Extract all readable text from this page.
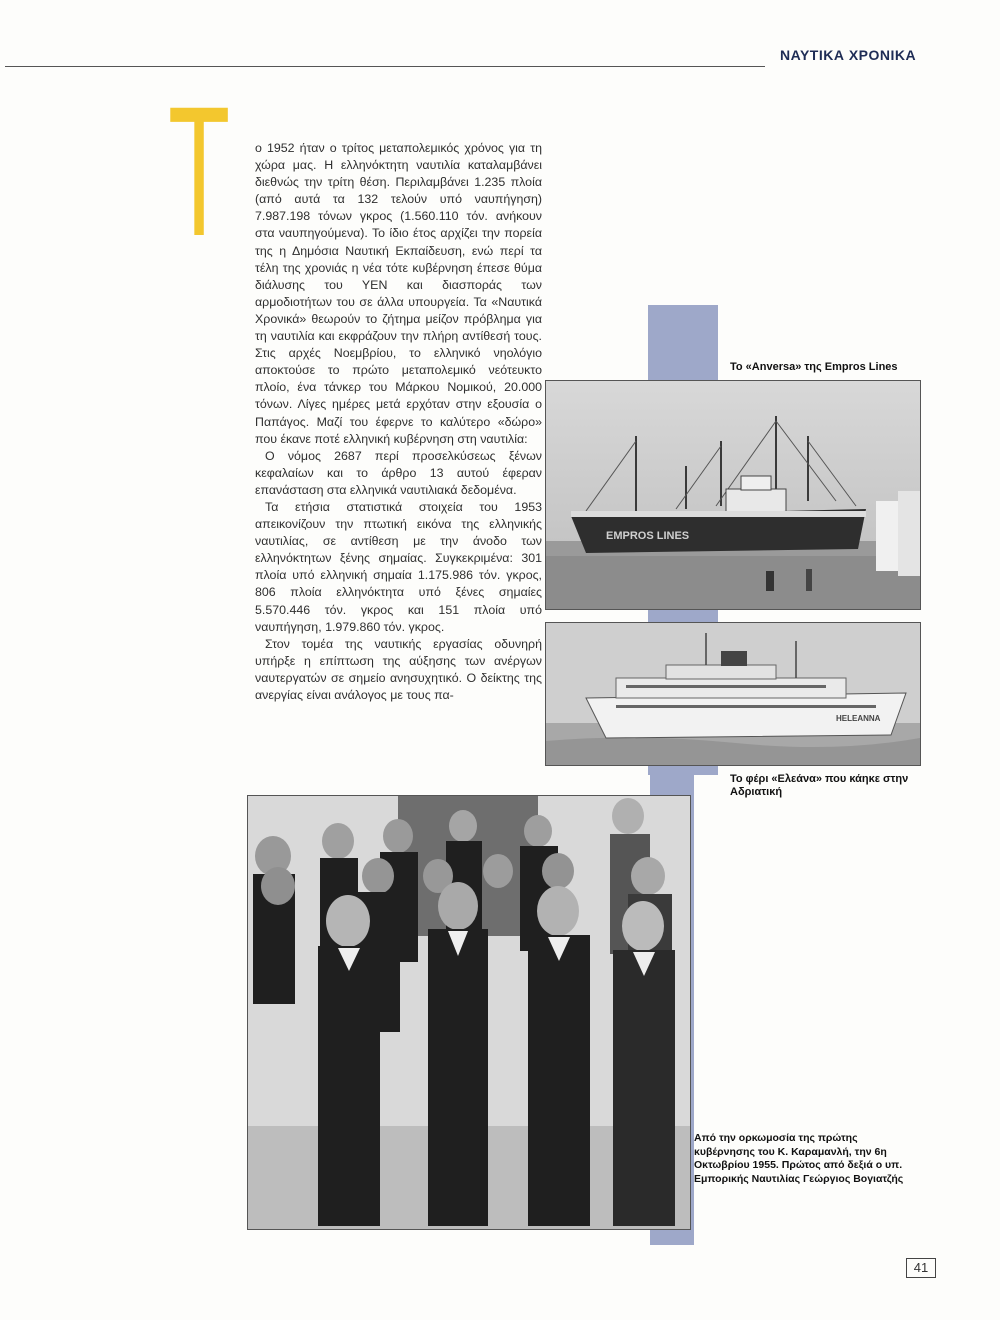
ΝΑΥΤΙΚΑ ΧΡΟΝΙΚΑ
Τ ο 1952 ήταν ο τρίτος μεταπολεμικός χρόνος για τη χώρα μας. Η ελληνόκτητη ναυτιλία καταλαμβάνει διεθνώς την τρίτη θέση. Περιλαμβάνει 1.235 πλοία (από αυτά τα 132 τελούν υπό ναυπήγηση) 7.987.198 τόνων γκρος (1.560.110 τόν. ανήκουν στα ναυπηγούμενα). Το ίδιο έτος αρχίζει την πορεία της η Δημόσια Ναυτική Εκπαίδευση, ενώ περί τα τέλη της χρονιάς η νέα τότε κυβέρνηση έπεσε θύμα διάλυσης του ΥΕΝ και διασποράς των αρμοδιοτήτων του σε άλλα υπουργεία. Τα «Ναυτικά Χρονικά» θεωρούν το ζήτημα μείζον πρόβλημα για τη ναυτιλία και εκφράζουν την πλήρη αντίθεσή τους. Στις αρχές Νοεμβρίου, το ελληνικό νηολόγιο αποκτούσε το πρώτο μεταπολεμικό νεότευκτο πλοίο, ένα τάνκερ του Μάρκου Νομικού, 20.000 τόνων. Λίγες ημέρες μετά ερχόταν στην εξουσία ο Παπάγος. Μαζί του έφερνε το καλύτερο «δώρο» που έκανε ποτέ ελληνική κυβέρνηση στη ναυτιλία:

Ο νόμος 2687 περί προσελκύσεως ξένων κεφαλαίων και το άρθρο 13 αυτού έφεραν επανάσταση στα ελληνικά ναυτιλιακά δεδομένα.

Τα ετήσια στατιστικά στοιχεία του 1953 απεικονίζουν την πτωτική εικόνα της ελληνικής ναυτιλίας, σε αντίθεση με την άνοδο των ελληνόκτητων ξένης σημαίας. Συγκεκριμένα: 301 πλοία υπό ελληνική σημαία 1.175.986 τόν. γκρος, 806 πλοία ελληνόκτητα υπό ξένες σημαίες 5.570.446 τόν. γκρος και 151 πλοία υπό ναυπήγηση, 1.979.860 τόν. γκρος.

Στον τομέα της ναυτικής εργασίας οδυνηρή υπήρξε η επίπτωση της αύξησης των ανέργων ναυτεργατών σε σημείο ανησυχητικό. Ο δείκτης της ανεργίας είναι ανάλογος με τους πα-

Το «Anversa» της Empros Lines
EMPROS LINES
HELEANNA
Το φέρι «Ελεάνα» που κάηκε στην Αδριατική
Από την ορκωμοσία της πρώτης κυβέρνησης του Κ. Καραμανλή, την 6η Οκτωβρίου 1955. Πρώτος από δεξιά ο υπ. Εμπορικής Ναυτιλίας Γεώργιος Βογιατζής
41
